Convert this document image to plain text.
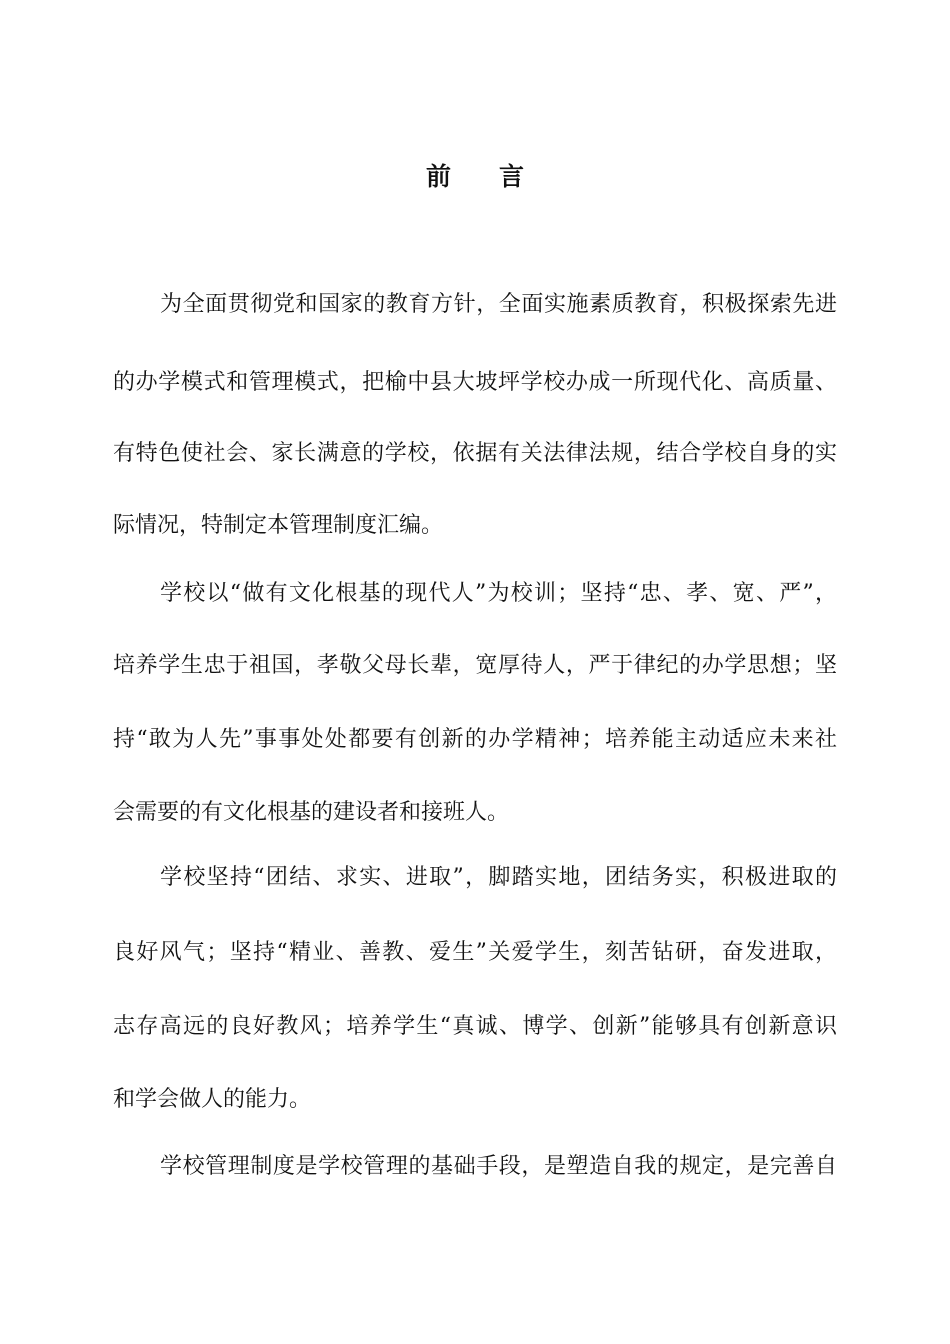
前 言
为全面贯彻党和国家的教育方针，全面实施素质教育，积极探索先进
的办学模式和管理模式，把榆中县大坡坪学校办成一所现代化、高质量、
有特色使社会、家长满意的学校，依据有关法律法规，结合学校自身的实
际情况，特制定本管理制度汇编。
学校以“做有文化根基的现代人”为校训；坚持“忠、孝、宽、严”，
培养学生忠于祖国，孝敬父母长辈，宽厚待人，严于律纪的办学思想；坚
持“敢为人先”事事处处都要有创新的办学精神；培养能主动适应未来社
会需要的有文化根基的建设者和接班人。
学校坚持“团结、求实、进取”，脚踏实地，团结务实，积极进取的
良好风气；坚持“精业、善教、爱生”关爱学生，刻苦钻研，奋发进取，
志存高远的良好教风；培养学生“真诚、博学、创新”能够具有创新意识
和学会做人的能力。
学校管理制度是学校管理的基础手段，是塑造自我的规定，是完善自
